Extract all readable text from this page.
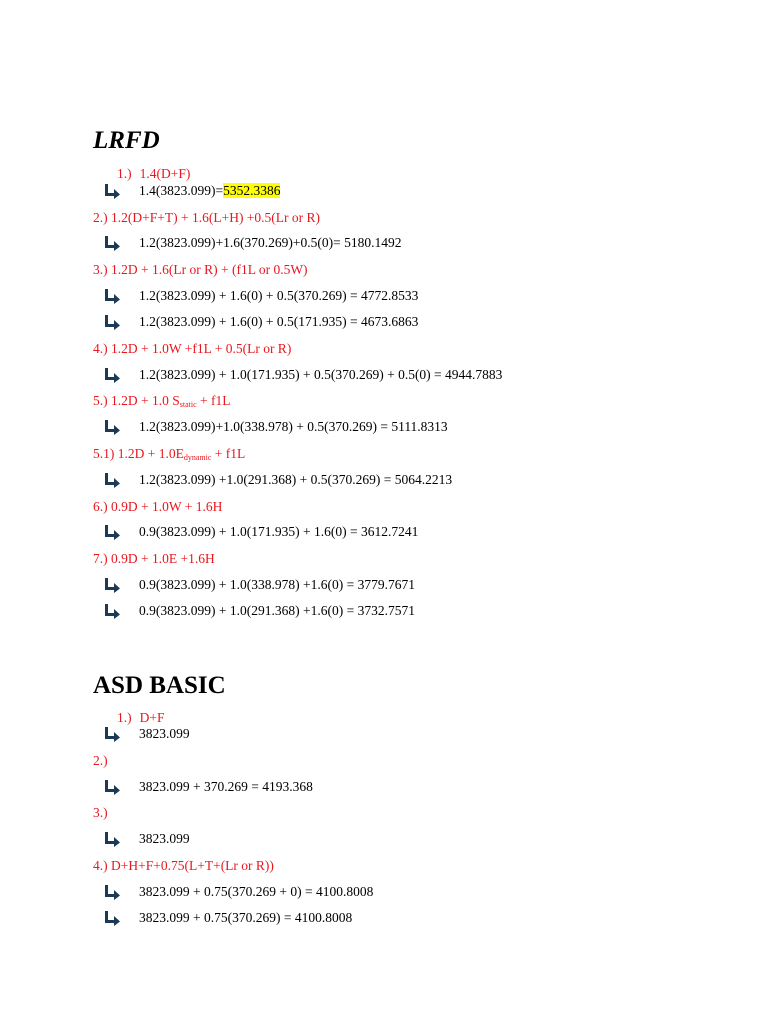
LRFD
1.) 1.4(D+F)
1.4(3823.099)=5352.3386
2.) 1.2(D+F+T) + 1.6(L+H) +0.5(Lr or R)
1.2(3823.099)+1.6(370.269)+0.5(0)= 5180.1492
3.) 1.2D + 1.6(Lr or R) + (f1L or 0.5W)
1.2(3823.099) + 1.6(0) + 0.5(370.269) = 4772.8533
1.2(3823.099) + 1.6(0) + 0.5(171.935) = 4673.6863
4.) 1.2D + 1.0W +f1L + 0.5(Lr or R)
1.2(3823.099) + 1.0(171.935) + 0.5(370.269) + 0.5(0) = 4944.7883
5.) 1.2D + 1.0 $S_{static} + f1L$
1.2(3823.099)+1.0(338.978) + 0.5(370.269) = 5111.8313
5.1) $1.2D + 1.0E_{dynamic} + f1L$
1.2(3823.099) +1.0(291.368) + 0.5(370.269) = 5064.2213
6.) 0.9D + 1.0W + 1.6H
0.9(3823.099) + 1.0(171.935) + 1.6(0) = 3612.7241
7.) 0.9D + 1.0E +1.6H
0.9(3823.099) + 1.0(338.978) +1.6(0) = 3779.7671
0.9(3823.099) + 1.0(291.368) +1.6(0) = 3732.7571
ASD BASIC
1.) D+F
3823.099
2.)
3823.099 + 370.269 = 4193.368
3.)
3823.099
4.) D+H+F+0.75(L+T+(Lr or R))
3823.099 + 0.75(370.269 + 0) = 4100.8008
3823.099 + 0.75(370.269) = 4100.8008
